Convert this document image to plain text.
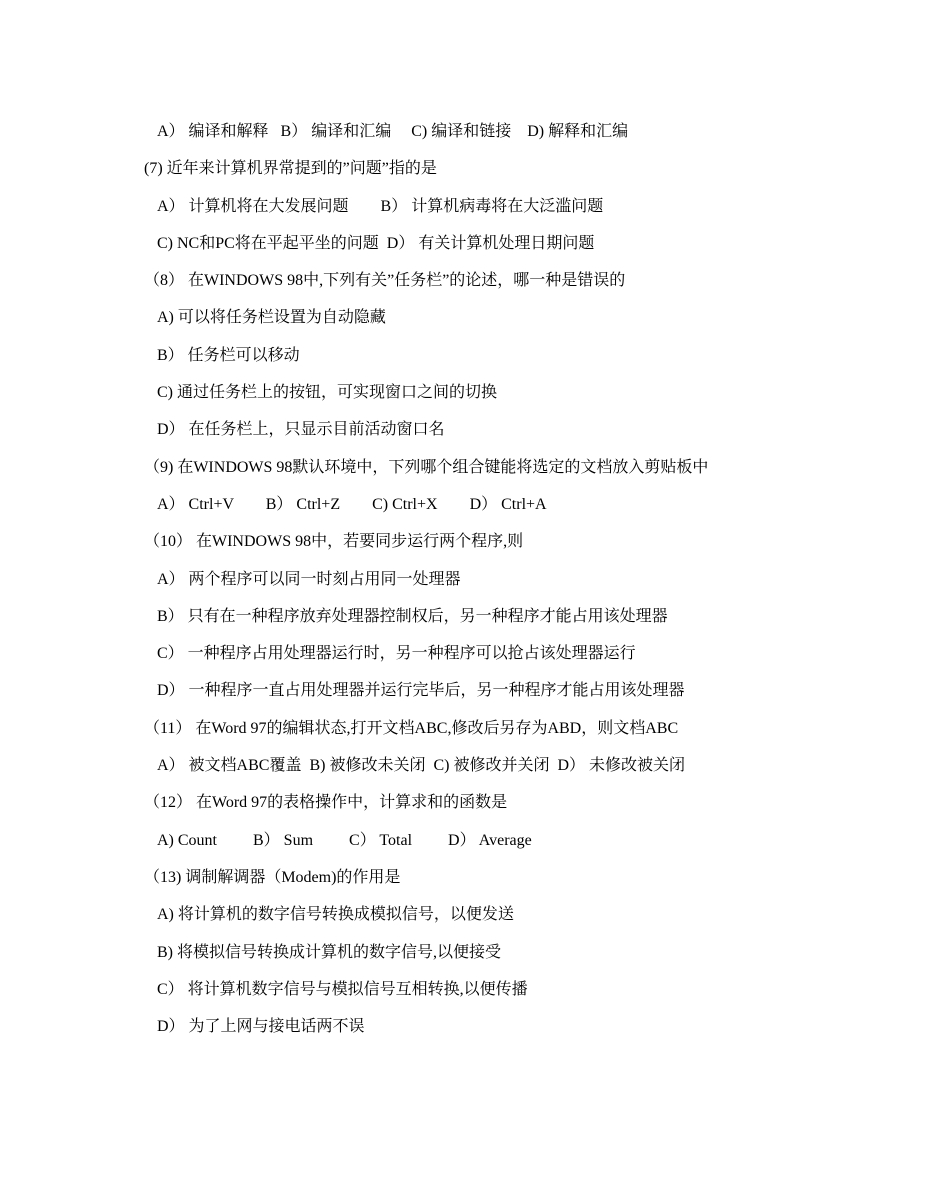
A） 编译和解释   B） 编译和汇编     C) 编译和链接    D) 解释和汇编
(7) 近年来计算机界常提到的”问题”指的是
A） 计算机将在大发展问题        B） 计算机病毒将在大泛滥问题
C) NC和PC将在平起平坐的问题  D） 有关计算机处理日期问题
（8） 在WINDOWS 98中,下列有关”任务栏”的论述，哪一种是错误的
A) 可以将任务栏设置为自动隐藏
B） 任务栏可以移动
C) 通过任务栏上的按钮，可实现窗口之间的切换
D） 在任务栏上，只显示目前活动窗口名
（9) 在WINDOWS 98默认环境中，下列哪个组合键能将选定的文档放入剪贴板中
A） Ctrl+V        B） Ctrl+Z        C) Ctrl+X        D） Ctrl+A
（10） 在WINDOWS 98中，若要同步运行两个程序,则
A） 两个程序可以同一时刻占用同一处理器
B） 只有在一种程序放弃处理器控制权后，另一种程序才能占用该处理器
C） 一种程序占用处理器运行时，另一种程序可以抢占该处理器运行
D） 一种程序一直占用处理器并运行完毕后，另一种程序才能占用该处理器
（11） 在Word 97的编辑状态,打开文档ABC,修改后另存为ABD，则文档ABC
A） 被文档ABC覆盖  B) 被修改未关闭  C) 被修改并关闭  D） 未修改被关闭
（12） 在Word 97的表格操作中，计算求和的函数是
A) Count         B） Sum         C） Total         D） Average
（13) 调制解调器（Modem)的作用是
A) 将计算机的数字信号转换成模拟信号，以便发送
B) 将模拟信号转换成计算机的数字信号,以便接受
C） 将计算机数字信号与模拟信号互相转换,以便传播
D） 为了上网与接电话两不误
